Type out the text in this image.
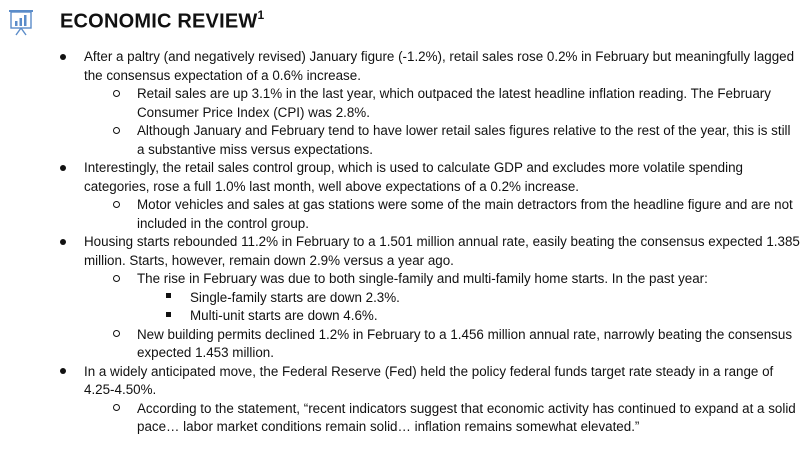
ECONOMIC REVIEW$^1$

After a paltry (and negatively revised) January figure (-1.2%), retail sales rose 0.2% in February but meaningfully lagged the consensus expectation of a 0.6% increase.

Retail sales are up 3.1% in the last year, which outpaced the latest headline inflation reading. The February Consumer Price Index (CPI) was 2.8%.

Although January and February tend to have lower retail sales figures relative to the rest of the year, this is still a substantive miss versus expectations.

Interestingly, the retail sales control group, which is used to calculate GDP and excludes more volatile spending categories, rose a full 1.0% last month, well above expectations of a 0.2% increase.

Motor vehicles and sales at gas stations were some of the main detractors from the headline figure and are not included in the control group.

Housing starts rebounded 11.2% in February to a 1.501 million annual rate, easily beating the consensus expected 1.385 million. Starts, however, remain down 2.9% versus a year ago.

The rise in February was due to both single-family and multi-family home starts. In the past year:

Single-family starts are down 2.3%.

Multi-unit starts are down 4.6%.

New building permits declined 1.2% in February to a 1.456 million annual rate, narrowly beating the consensus expected 1.453 million.

In a widely anticipated move, the Federal Reserve (Fed) held the policy federal funds target rate steady in a range of 4.25-4.50%.

According to the statement, “recent indicators suggest that economic activity has continued to expand at a solid pace… labor market conditions remain solid… inflation remains somewhat elevated.”
